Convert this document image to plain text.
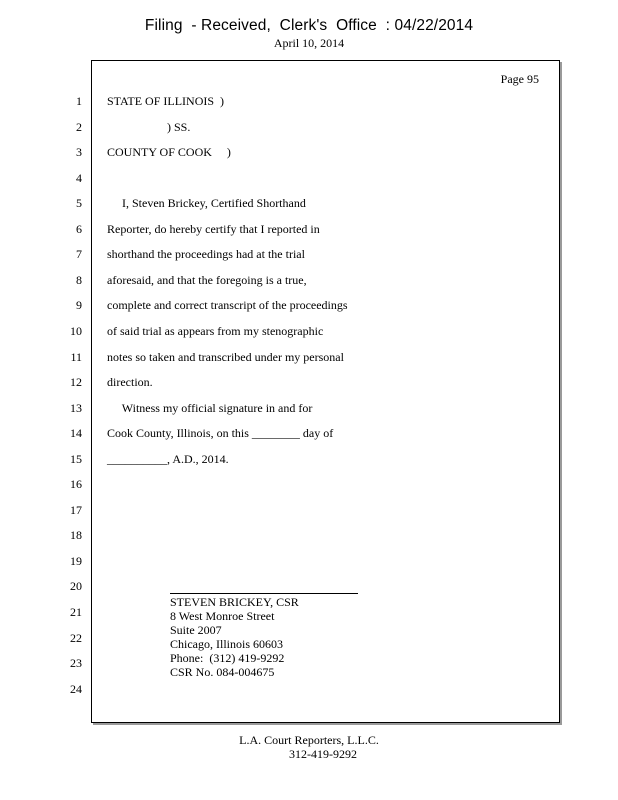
Filing  - Received,  Clerk's  Office  : 04/22/2014
April 10, 2014
Page 95
1 STATE OF ILLINOIS  )
2 ) SS.
3 COUNTY OF COOK     )
4
5 I, Steven Brickey, Certified Shorthand
6 Reporter, do hereby certify that I reported in
7 shorthand the proceedings had at the trial
8 aforesaid, and that the foregoing is a true,
9 complete and correct transcript of the proceedings
10 of said trial as appears from my stenographic
11 notes so taken and transcribed under my personal
12 direction.
13 Witness my official signature in and for
14 Cook County, Illinois, on this ________ day of
15 __________, A.D., 2014.
16
17
18
19
20
21
22
23
24
STEVEN BRICKEY, CSR
8 West Monroe Street
Suite 2007
Chicago, Illinois 60603
Phone:  (312) 419-9292
CSR No. 084-004675
L.A. Court Reporters, L.L.C.
312-419-9292
